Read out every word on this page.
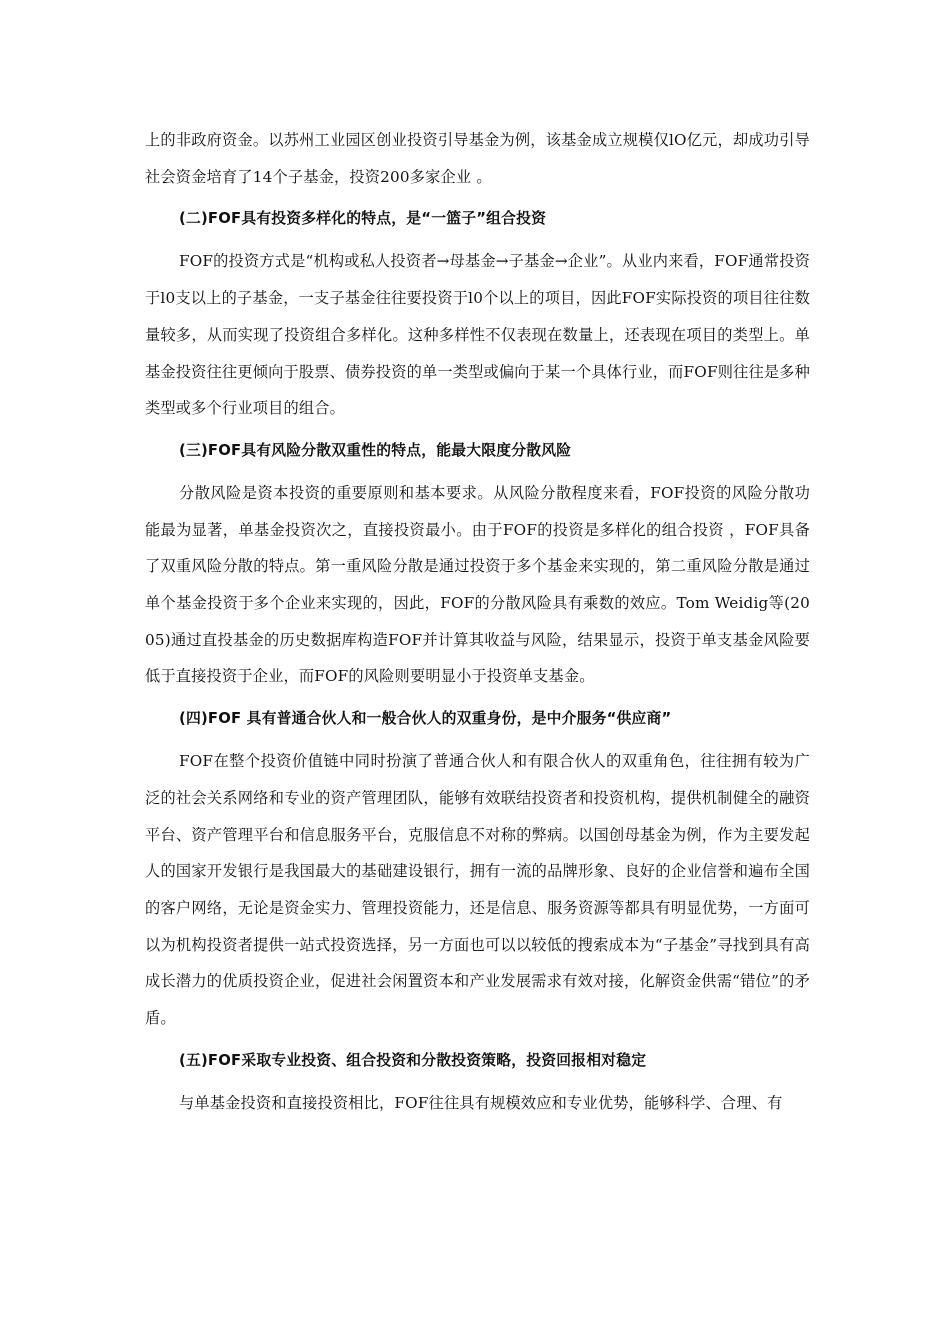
上的非政府资金。以苏州工业园区创业投资引导基金为例，该基金成立规模仅lO亿元，却成功引导社会资金培育了14个子基金，投资200多家企业 。

(二)FOF具有投资多样化的特点，是“一篮子”组合投资

FOF的投资方式是“机构或私人投资者→母基金→子基金→企业”。从业内来看，FOF通常投资于l0支以上的子基金，一支子基金往往要投资于l0个以上的项目，因此FOF实际投资的项目往往数量较多，从而实现了投资组合多样化。这种多样性不仅表现在数量上，还表现在项目的类型上。单基金投资往往更倾向于股票、债券投资的单一类型或偏向于某一个具体行业，而FOF则往往是多种类型或多个行业项目的组合。

(三)FOF具有风险分散双重性的特点，能最大限度分散风险

分散风险是资本投资的重要原则和基本要求。从风险分散程度来看，FOF投资的风险分散功能最为显著，单基金投资次之，直接投资最小。由于FOF的投资是多样化的组合投资 ，FOF具备了双重风险分散的特点。第一重风险分散是通过投资于多个基金来实现的，第二重风险分散是通过单个基金投资于多个企业来实现的，因此，FOF的分散风险具有乘数的效应。Tom Weidig等(2005)通过直投基金的历史数据库构造FOF并计算其收益与风险，结果显示，投资于单支基金风险要低于直接投资于企业，而FOF的风险则要明显小于投资单支基金。

(四)FOF 具有普通合伙人和一般合伙人的双重身份，是中介服务“供应商”

FOF在整个投资价值链中同时扮演了普通合伙人和有限合伙人的双重角色，往往拥有较为广泛的社会关系网络和专业的资产管理团队，能够有效联结投资者和投资机构，提供机制健全的融资平台、资产管理平台和信息服务平台，克服信息不对称的弊病。以国创母基金为例，作为主要发起人的国家开发银行是我国最大的基础建设银行，拥有一流的品牌形象、良好的企业信誉和遍布全国的客户网络，无论是资金实力、管理投资能力，还是信息、服务资源等都具有明显优势，一方面可以为机构投资者提供一站式投资选择，另一方面也可以以较低的搜索成本为“子基金”寻找到具有高成长潜力的优质投资企业，促进社会闲置资本和产业发展需求有效对接，化解资金供需“错位”的矛盾。

(五)FOF采取专业投资、组合投资和分散投资策略，投资回报相对稳定

与单基金投资和直接投资相比，FOF往往具有规模效应和专业优势，能够科学、合理、有
